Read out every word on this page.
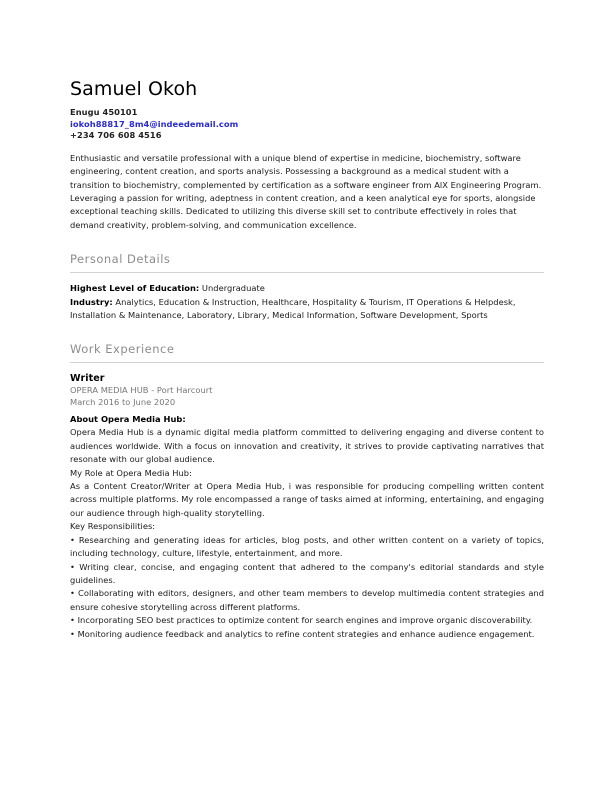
Samuel Okoh
Enugu 450101
iokoh88817_8m4@indeedemail.com
+234 706 608 4516
Enthusiastic and versatile professional with a unique blend of expertise in medicine, biochemistry, software engineering, content creation, and sports analysis. Possessing a background as a medical student with a transition to biochemistry, complemented by certification as a software engineer from AlX Engineering Program. Leveraging a passion for writing, adeptness in content creation, and a keen analytical eye for sports, alongside exceptional teaching skills. Dedicated to utilizing this diverse skill set to contribute effectively in roles that demand creativity, problem-solving, and communication excellence.
Personal Details
Highest Level of Education: Undergraduate
Industry: Analytics, Education & Instruction, Healthcare, Hospitality & Tourism, IT Operations & Helpdesk, Installation & Maintenance, Laboratory, Library, Medical Information, Software Development, Sports
Work Experience
Writer
OPERA MEDIA HUB - Port Harcourt
March 2016 to June 2020
About Opera Media Hub:
Opera Media Hub is a dynamic digital media platform committed to delivering engaging and diverse content to audiences worldwide. With a focus on innovation and creativity, it strives to provide captivating narratives that resonate with our global audience.
My Role at Opera Media Hub:
As a Content Creator/Writer at Opera Media Hub, i was responsible for producing compelling written content across multiple platforms. My role encompassed a range of tasks aimed at informing, entertaining, and engaging our audience through high-quality storytelling.
Key Responsibilities:
• Researching and generating ideas for articles, blog posts, and other written content on a variety of topics, including technology, culture, lifestyle, entertainment, and more.
• Writing clear, concise, and engaging content that adhered to the company's editorial standards and style guidelines.
• Collaborating with editors, designers, and other team members to develop multimedia content strategies and ensure cohesive storytelling across different platforms.
• Incorporating SEO best practices to optimize content for search engines and improve organic discoverability.
• Monitoring audience feedback and analytics to refine content strategies and enhance audience engagement.
